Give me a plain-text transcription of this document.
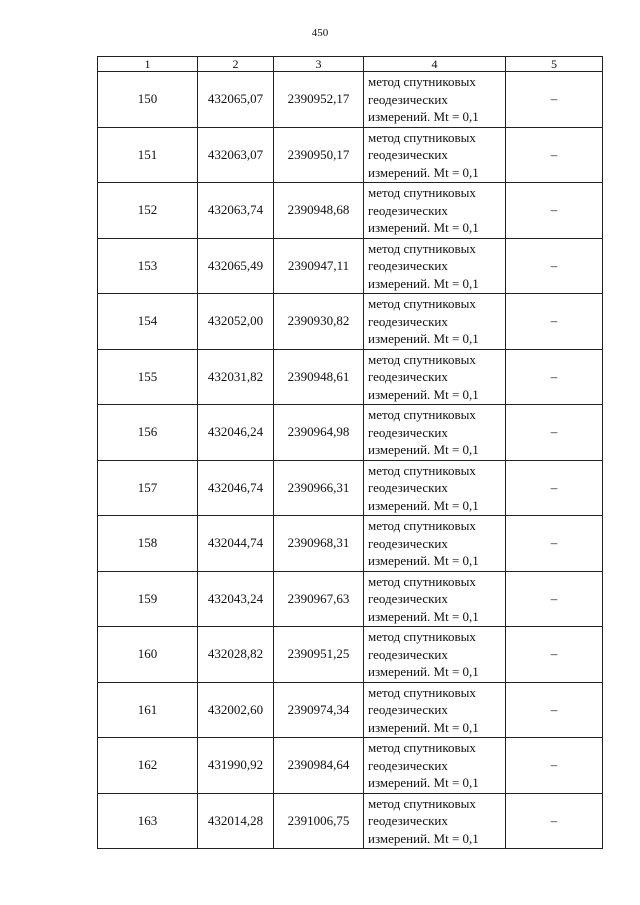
450
1	2	3	4	5
150	432065,07	2390952,17	метод спутниковых
геодезических
измерений. Mt = 0,1	–
151	432063,07	2390950,17	метод спутниковых
геодезических
измерений. Mt = 0,1	–
152	432063,74	2390948,68	метод спутниковых
геодезических
измерений. Mt = 0,1	–
153	432065,49	2390947,11	метод спутниковых
геодезических
измерений. Mt = 0,1	–
154	432052,00	2390930,82	метод спутниковых
геодезических
измерений. Mt = 0,1	–
155	432031,82	2390948,61	метод спутниковых
геодезических
измерений. Mt = 0,1	–
156	432046,24	2390964,98	метод спутниковых
геодезических
измерений. Mt = 0,1	–
157	432046,74	2390966,31	метод спутниковых
геодезических
измерений. Mt = 0,1	–
158	432044,74	2390968,31	метод спутниковых
геодезических
измерений. Mt = 0,1	–
159	432043,24	2390967,63	метод спутниковых
геодезических
измерений. Mt = 0,1	–
160	432028,82	2390951,25	метод спутниковых
геодезических
измерений. Mt = 0,1	–
161	432002,60	2390974,34	метод спутниковых
геодезических
измерений. Mt = 0,1	–
162	431990,92	2390984,64	метод спутниковых
геодезических
измерений. Mt = 0,1	–
163	432014,28	2391006,75	метод спутниковых
геодезических
измерений. Mt = 0,1	–
